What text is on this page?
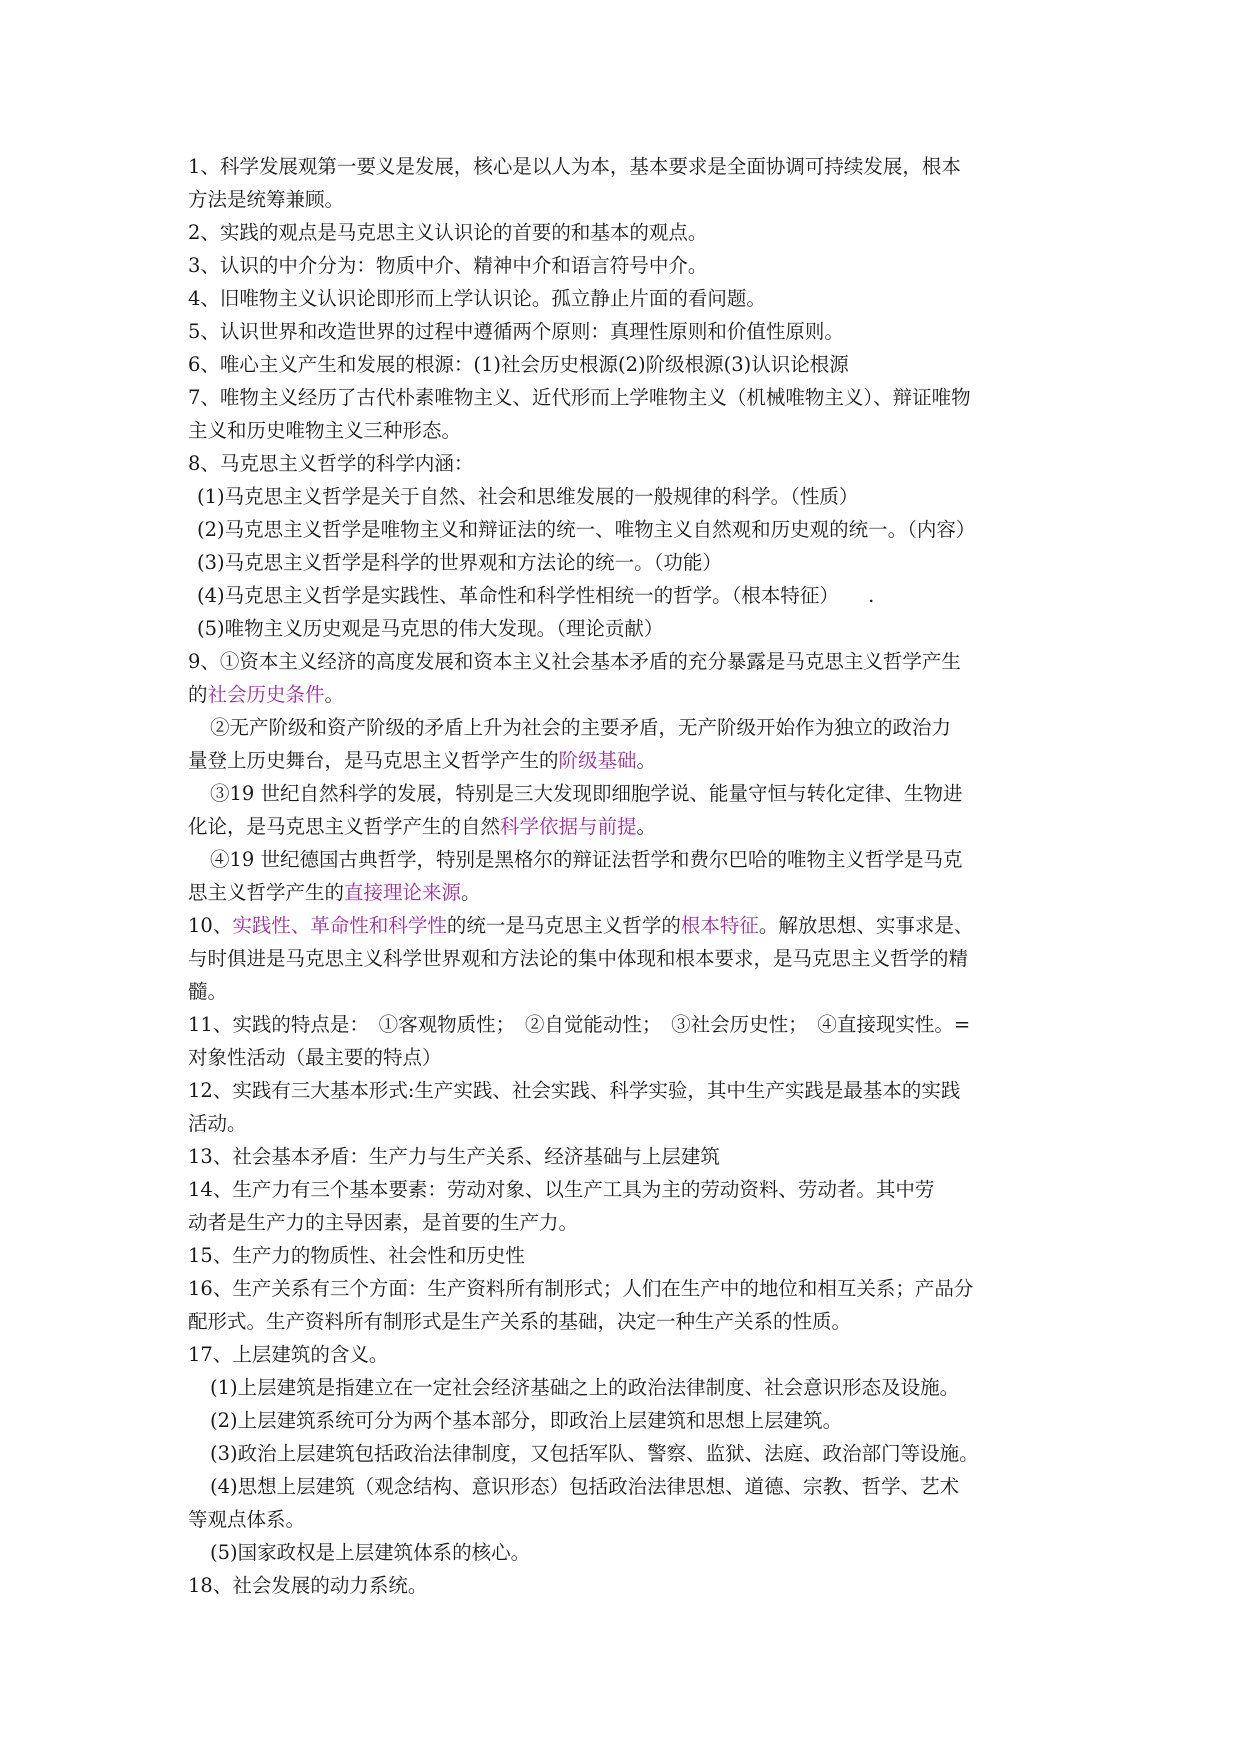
1、科学发展观第一要义是发展，核心是以人为本，基本要求是全面协调可持续发展，根本
方法是统筹兼顾。
2、实践的观点是马克思主义认识论的首要的和基本的观点。
3、认识的中介分为：物质中介、精神中介和语言符号中介。
4、旧唯物主义认识论即形而上学认识论。孤立静止片面的看问题。
5、认识世界和改造世界的过程中遵循两个原则：真理性原则和价值性原则。
6、唯心主义产生和发展的根源：(1)社会历史根源(2)阶级根源(3)认识论根源
7、唯物主义经历了古代朴素唯物主义、近代形而上学唯物主义（机械唯物主义）、辩证唯物
主义和历史唯物主义三种形态。
8、马克思主义哲学的科学内涵：
(1)马克思主义哲学是关于自然、社会和思维发展的一般规律的科学。（性质）
(2)马克思主义哲学是唯物主义和辩证法的统一、唯物主义自然观和历史观的统一。（内容）
(3)马克思主义哲学是科学的世界观和方法论的统一。（功能）
(4)马克思主义哲学是实践性、革命性和科学性相统一的哲学。（根本特征）　　.
(5)唯物主义历史观是马克思的伟大发现。（理论贡献）
9、①资本主义经济的高度发展和资本主义社会基本矛盾的充分暴露是马克思主义哲学产生
的社会历史条件。
②无产阶级和资产阶级的矛盾上升为社会的主要矛盾，无产阶级开始作为独立的政治力
量登上历史舞台，是马克思主义哲学产生的阶级基础。
③19 世纪自然科学的发展，特别是三大发现即细胞学说、能量守恒与转化定律、生物进
化论，是马克思主义哲学产生的自然科学依据与前提。
④19 世纪德国古典哲学，特别是黑格尔的辩证法哲学和费尔巴哈的唯物主义哲学是马克
思主义哲学产生的直接理论来源。
10、实践性、革命性和科学性的统一是马克思主义哲学的根本特征。解放思想、实事求是、
与时俱进是马克思主义科学世界观和方法论的集中体现和根本要求，是马克思主义哲学的精
髓。
11、实践的特点是：　①客观物质性；　②自觉能动性；　③社会历史性；　④直接现实性。=
对象性活动（最主要的特点）
12、实践有三大基本形式:生产实践、社会实践、科学实验，其中生产实践是最基本的实践
活动。
13、社会基本矛盾：生产力与生产关系、经济基础与上层建筑
14、生产力有三个基本要素：劳动对象、以生产工具为主的劳动资料、劳动者。其中劳
动者是生产力的主导因素，是首要的生产力。
15、生产力的物质性、社会性和历史性
16、生产关系有三个方面：生产资料所有制形式；人们在生产中的地位和相互关系；产品分
配形式。生产资料所有制形式是生产关系的基础，决定一种生产关系的性质。
17、上层建筑的含义。
(1)上层建筑是指建立在一定社会经济基础之上的政治法律制度、社会意识形态及设施。
(2)上层建筑系统可分为两个基本部分，即政治上层建筑和思想上层建筑。
(3)政治上层建筑包括政治法律制度，又包括军队、警察、监狱、法庭、政治部门等设施。
(4)思想上层建筑（观念结构、意识形态）包括政治法律思想、道德、宗教、哲学、艺术
等观点体系。
(5)国家政权是上层建筑体系的核心。
18、社会发展的动力系统。
